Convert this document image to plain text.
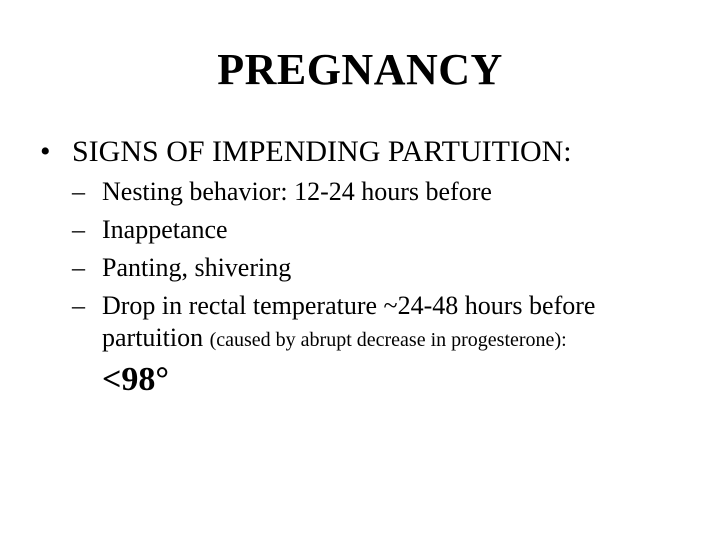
PREGNANCY
• SIGNS OF IMPENDING PARTUITION:
– Nesting behavior: 12-24 hours before
– Inappetance
– Panting, shivering
– Drop in rectal temperature ~24-48 hours before
partuition (caused by abrupt decrease in progesterone):
<98°
